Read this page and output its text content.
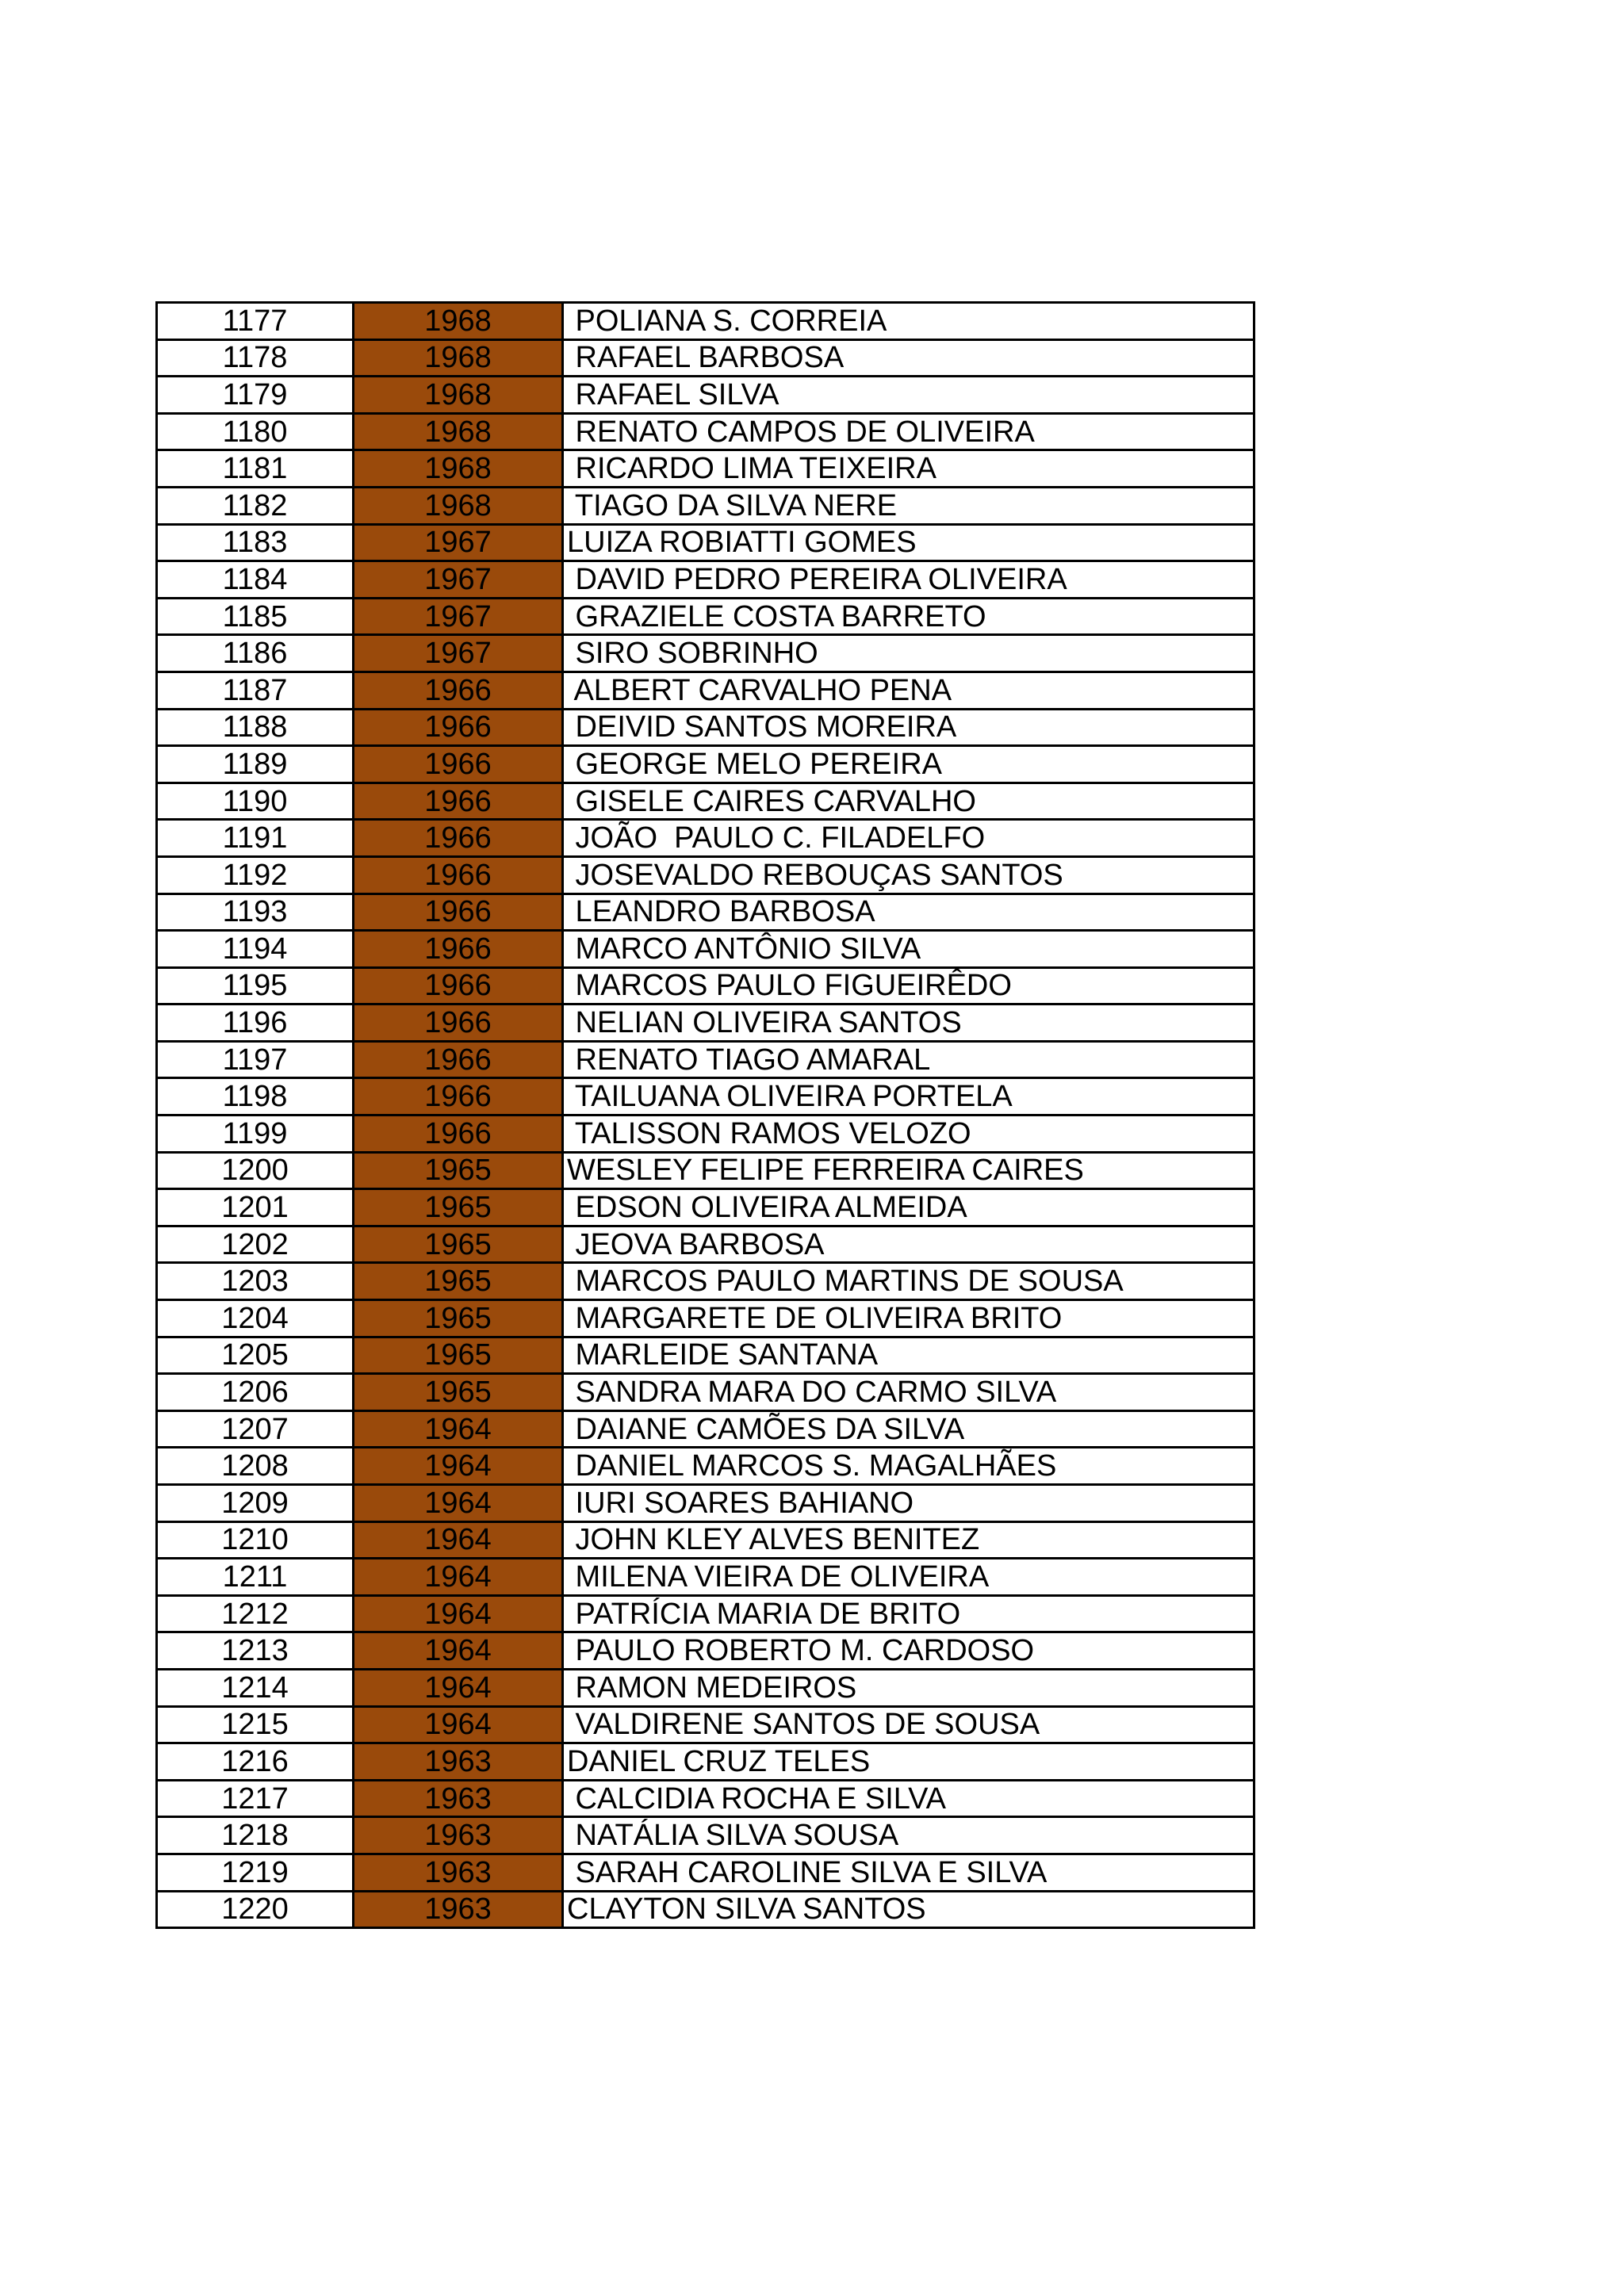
1177	1968	POLIANA S. CORREIA
1178	1968	RAFAEL BARBOSA
1179	1968	RAFAEL SILVA
1180	1968	RENATO CAMPOS DE OLIVEIRA
1181	1968	RICARDO LIMA TEIXEIRA
1182	1968	TIAGO DA SILVA NERE
1183	1967	LUIZA ROBIATTI GOMES
1184	1967	DAVID PEDRO PEREIRA OLIVEIRA
1185	1967	GRAZIELE COSTA BARRETO
1186	1967	SIRO SOBRINHO
1187	1966	ALBERT CARVALHO PENA
1188	1966	DEIVID SANTOS MOREIRA
1189	1966	GEORGE MELO PEREIRA
1190	1966	GISELE CAIRES CARVALHO
1191	1966	JOÃO  PAULO C. FILADELFO
1192	1966	JOSEVALDO REBOUÇAS SANTOS
1193	1966	LEANDRO BARBOSA
1194	1966	MARCO ANTÔNIO SILVA
1195	1966	MARCOS PAULO FIGUEIRÊDO
1196	1966	NELIAN OLIVEIRA SANTOS
1197	1966	RENATO TIAGO AMARAL
1198	1966	TAILUANA OLIVEIRA PORTELA
1199	1966	TALISSON RAMOS VELOZO
1200	1965	WESLEY FELIPE FERREIRA CAIRES
1201	1965	EDSON OLIVEIRA ALMEIDA
1202	1965	JEOVA BARBOSA
1203	1965	MARCOS PAULO MARTINS DE SOUSA
1204	1965	MARGARETE DE OLIVEIRA BRITO
1205	1965	MARLEIDE SANTANA
1206	1965	SANDRA MARA DO CARMO SILVA
1207	1964	DAIANE CAMÕES DA SILVA
1208	1964	DANIEL MARCOS S. MAGALHÃES
1209	1964	IURI SOARES BAHIANO
1210	1964	JOHN KLEY ALVES BENITEZ
1211	1964	MILENA VIEIRA DE OLIVEIRA
1212	1964	PATRÍCIA MARIA DE BRITO
1213	1964	PAULO ROBERTO M. CARDOSO
1214	1964	RAMON MEDEIROS
1215	1964	VALDIRENE SANTOS DE SOUSA
1216	1963	DANIEL CRUZ TELES
1217	1963	CALCIDIA ROCHA E SILVA
1218	1963	NATÁLIA SILVA SOUSA
1219	1963	SARAH CAROLINE SILVA E SILVA
1220	1963	CLAYTON SILVA SANTOS
